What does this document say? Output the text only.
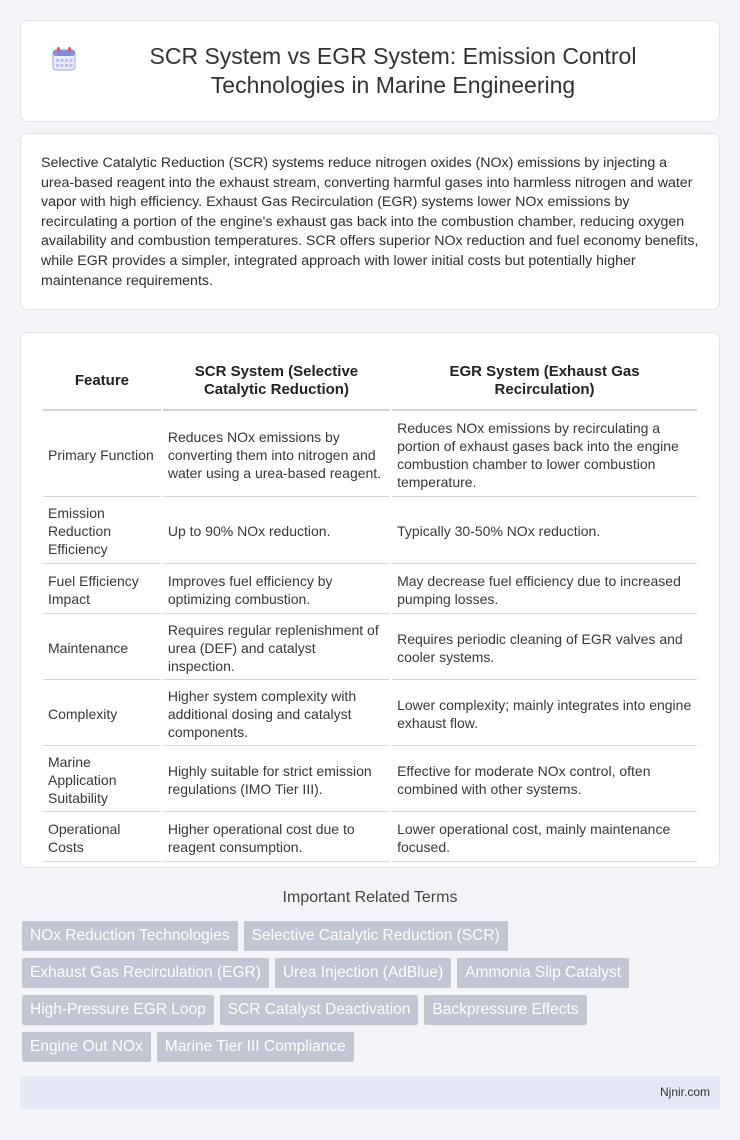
SCR System vs EGR System: Emission Control Technologies in Marine Engineering

Selective Catalytic Reduction (SCR) systems reduce nitrogen oxides (NOx) emissions by injecting a urea-based reagent into the exhaust stream, converting harmful gases into harmless nitrogen and water vapor with high efficiency. Exhaust Gas Recirculation (EGR) systems lower NOx emissions by recirculating a portion of the engine's exhaust gas back into the combustion chamber, reducing oxygen availability and combustion temperatures. SCR offers superior NOx reduction and fuel economy benefits, while EGR provides a simpler, integrated approach with lower initial costs but potentially higher maintenance requirements.

Feature	SCR System (Selective Catalytic Reduction)	EGR System (Exhaust Gas Recirculation)
Primary Function	Reduces NOx emissions by converting them into nitrogen and water using a urea-based reagent.	Reduces NOx emissions by recirculating a portion of exhaust gases back into the engine combustion chamber to lower combustion temperature.
Emission Reduction Efficiency	Up to 90% NOx reduction.	Typically 30-50% NOx reduction.
Fuel Efficiency Impact	Improves fuel efficiency by optimizing combustion.	May decrease fuel efficiency due to increased pumping losses.
Maintenance	Requires regular replenishment of urea (DEF) and catalyst inspection.	Requires periodic cleaning of EGR valves and cooler systems.
Complexity	Higher system complexity with additional dosing and catalyst components.	Lower complexity; mainly integrates into engine exhaust flow.
Marine Application Suitability	Highly suitable for strict emission regulations (IMO Tier III).	Effective for moderate NOx control, often combined with other systems.
Operational Costs	Higher operational cost due to reagent consumption.	Lower operational cost, mainly maintenance focused.
Important Related Terms
NOx Reduction Technologies	Selective Catalytic Reduction (SCR)
Exhaust Gas Recirculation (EGR)	Urea Injection (AdBlue)	Ammonia Slip Catalyst
High-Pressure EGR Loop	SCR Catalyst Deactivation	Backpressure Effects
Engine Out NOx	Marine Tier III Compliance
Njnir.com
